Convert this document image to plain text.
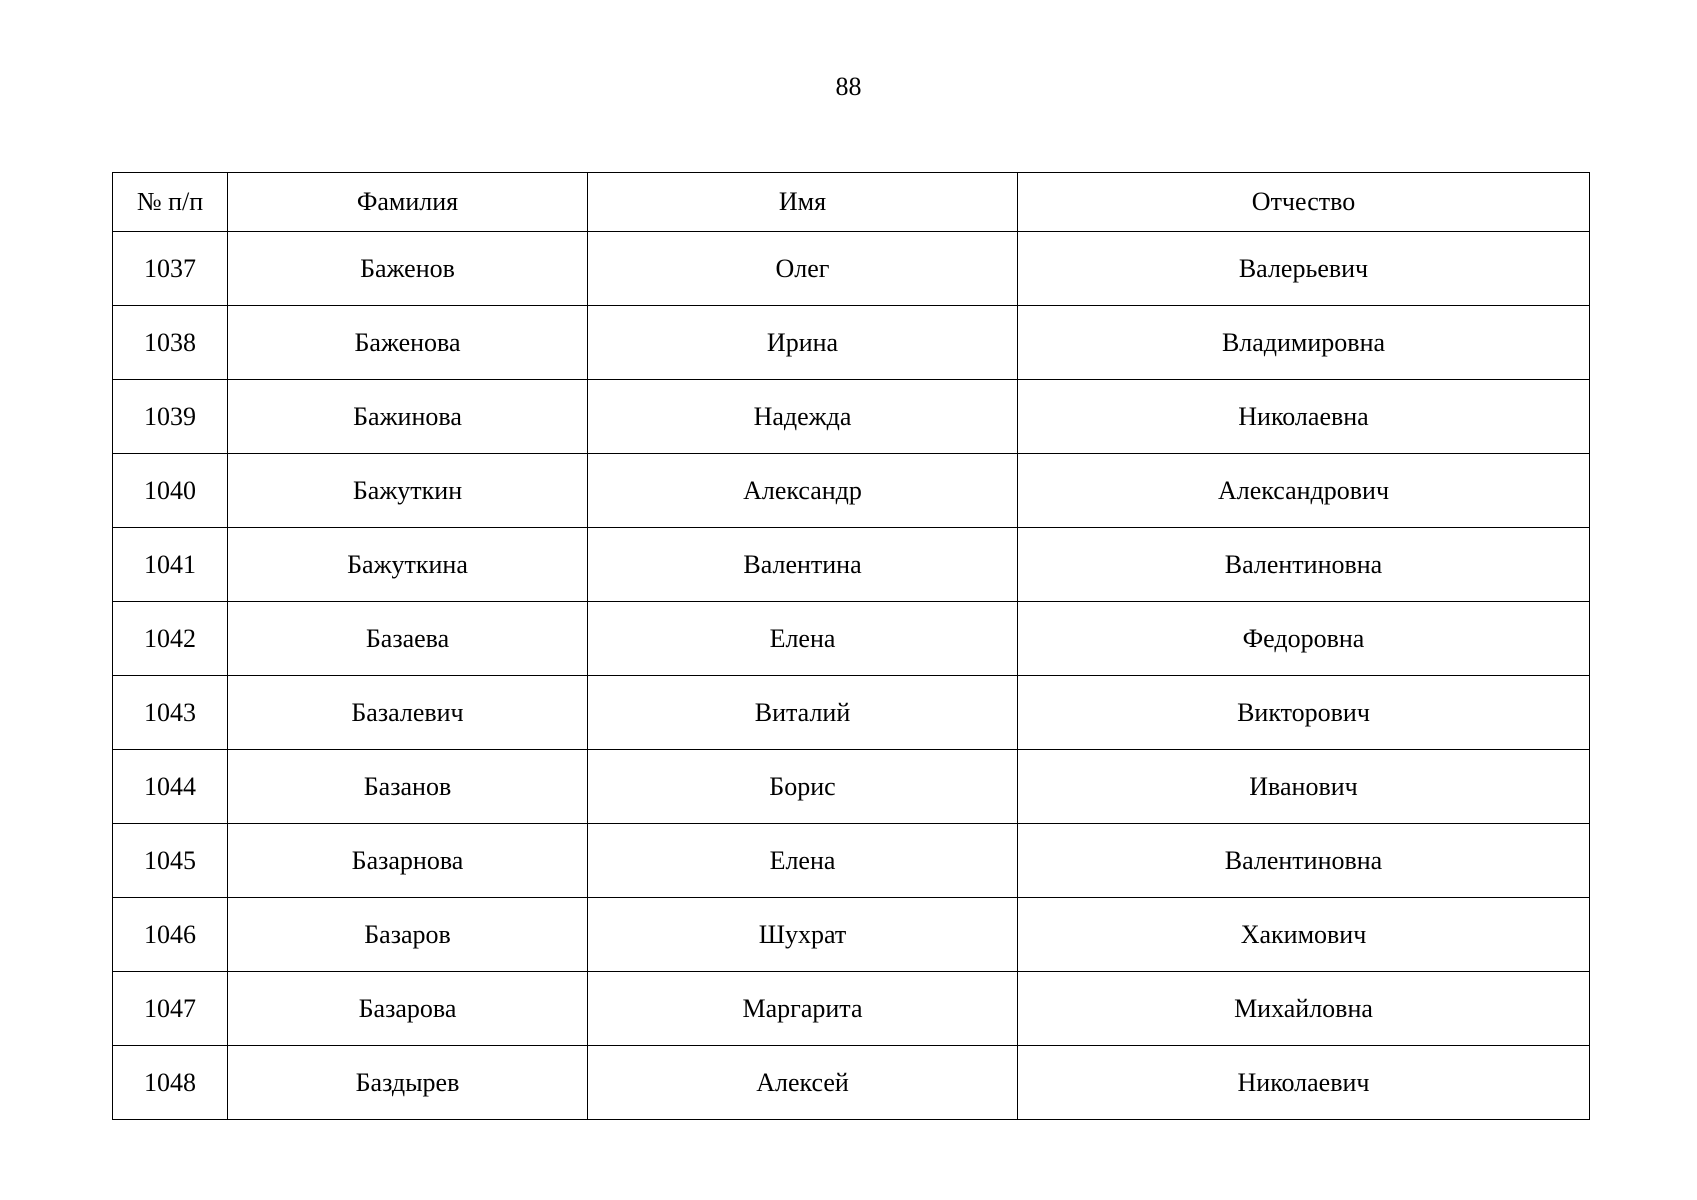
88
№ п/п	Фамилия	Имя	Отчество
1037	Баженов	Олег	Валерьевич
1038	Баженова	Ирина	Владимировна
1039	Бажинова	Надежда	Николаевна
1040	Бажуткин	Александр	Александрович
1041	Бажуткина	Валентина	Валентиновна
1042	Базаева	Елена	Федоровна
1043	Базалевич	Виталий	Викторович
1044	Базанов	Борис	Иванович
1045	Базарнова	Елена	Валентиновна
1046	Базаров	Шухрат	Хакимович
1047	Базарова	Маргарита	Михайловна
1048	Баздырев	Алексей	Николаевич
